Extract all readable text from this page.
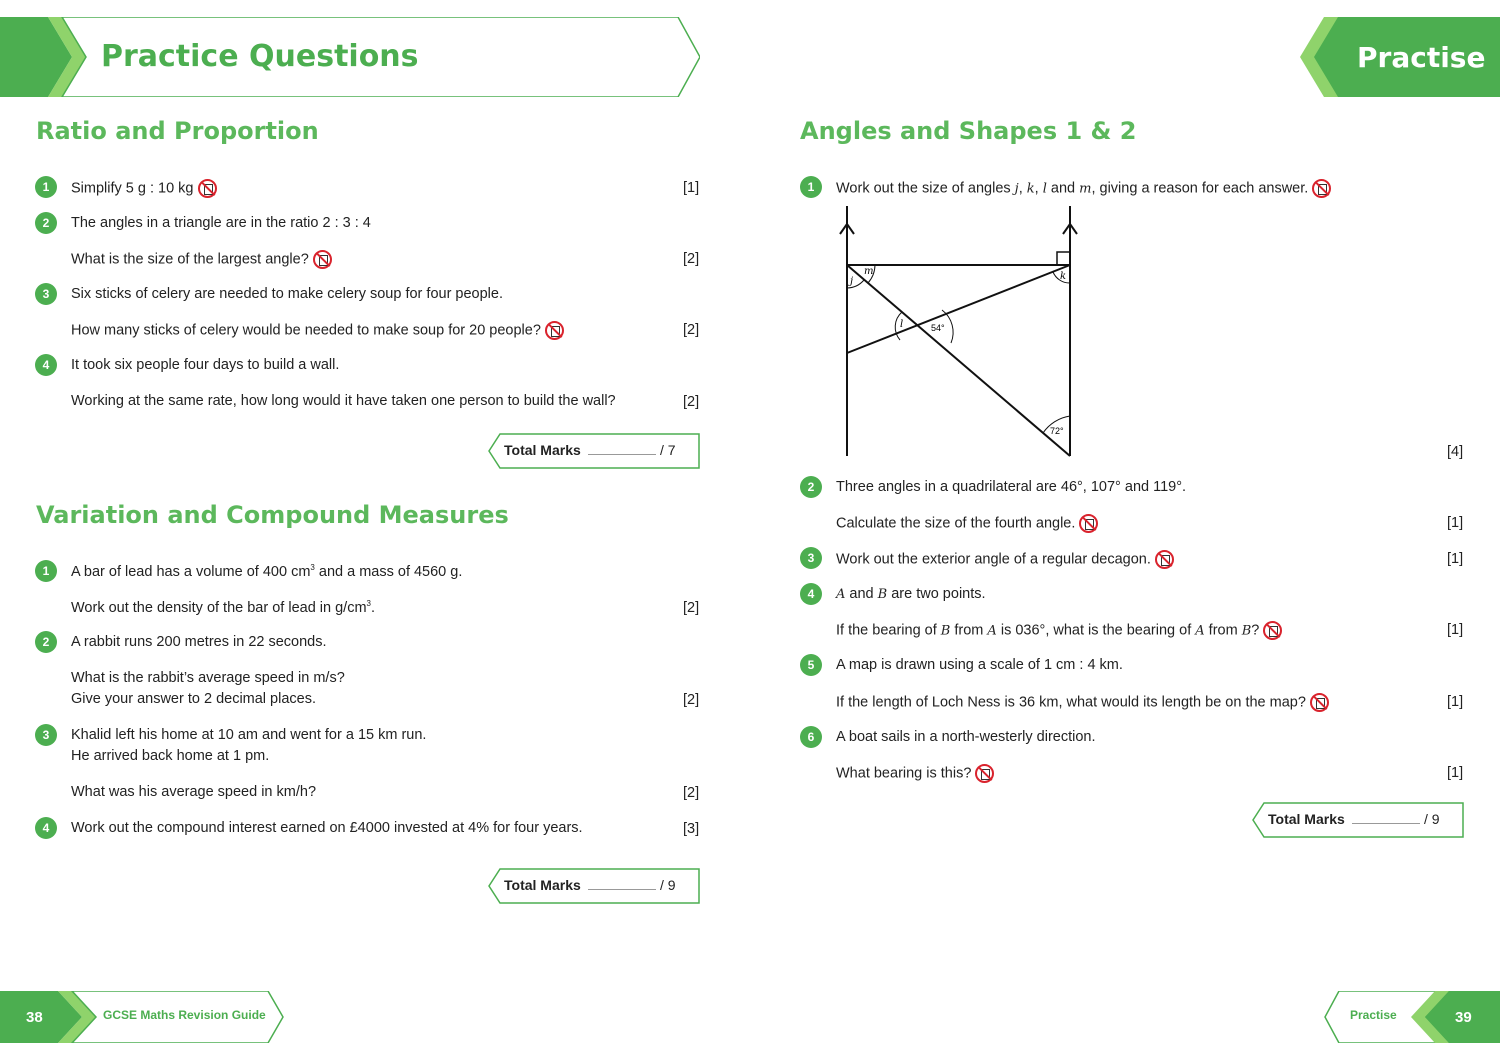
Practice Questions	Practise
Ratio and Proportion
1	Simplify 5 g : 10 kg	[1]
2	The angles in a triangle are in the ratio 2 : 3 : 4
What is the size of the largest angle?	[2]
3	Six sticks of celery are needed to make celery soup for four people.
How many sticks of celery would be needed to make soup for 20 people?	[2]
4	It took six people four days to build a wall.
Working at the same rate, how long would it have taken one person to build the wall?	[2]
Total Marks	/ 7
Variation and Compound Measures
1	A bar of lead has a volume of 400 $cm^3$ and a mass of 4560 g.
Work out the density of the bar of lead in $g/cm^3$.	[2]
2	A rabbit runs 200 metres in 22 seconds.
What is the rabbit’s average speed in m/s?
Give your answer to 2 decimal places.	[2]
3	Khalid left his home at 10 am and went for a 15 km run.
He arrived back home at 1 pm.
What was his average speed in km/h?	[2]
4	Work out the compound interest earned on £4000 invested at 4% for four years.	[3]
Total Marks	/ 9
Angles and Shapes 1 & 2
1	Work out the size of angles j, k, l and m, giving a reason for each answer.
m
j	k
l	54°
72°
[4]
2	Three angles in a quadrilateral are 46°, 107° and 119°.
Calculate the size of the fourth angle.	[1]
3	Work out the exterior angle of a regular decagon.	[1]
4	A and B are two points.
If the bearing of B from A is 036°, what is the bearing of A from B?	[1]
5	A map is drawn using a scale of 1 cm : 4 km.
If the length of Loch Ness is 36 km, what would its length be on the map?	[1]
6	A boat sails in a north-westerly direction.
What bearing is this?	[1]
Total Marks	/ 9
38	GCSE Maths Revision Guide	Practise	39
